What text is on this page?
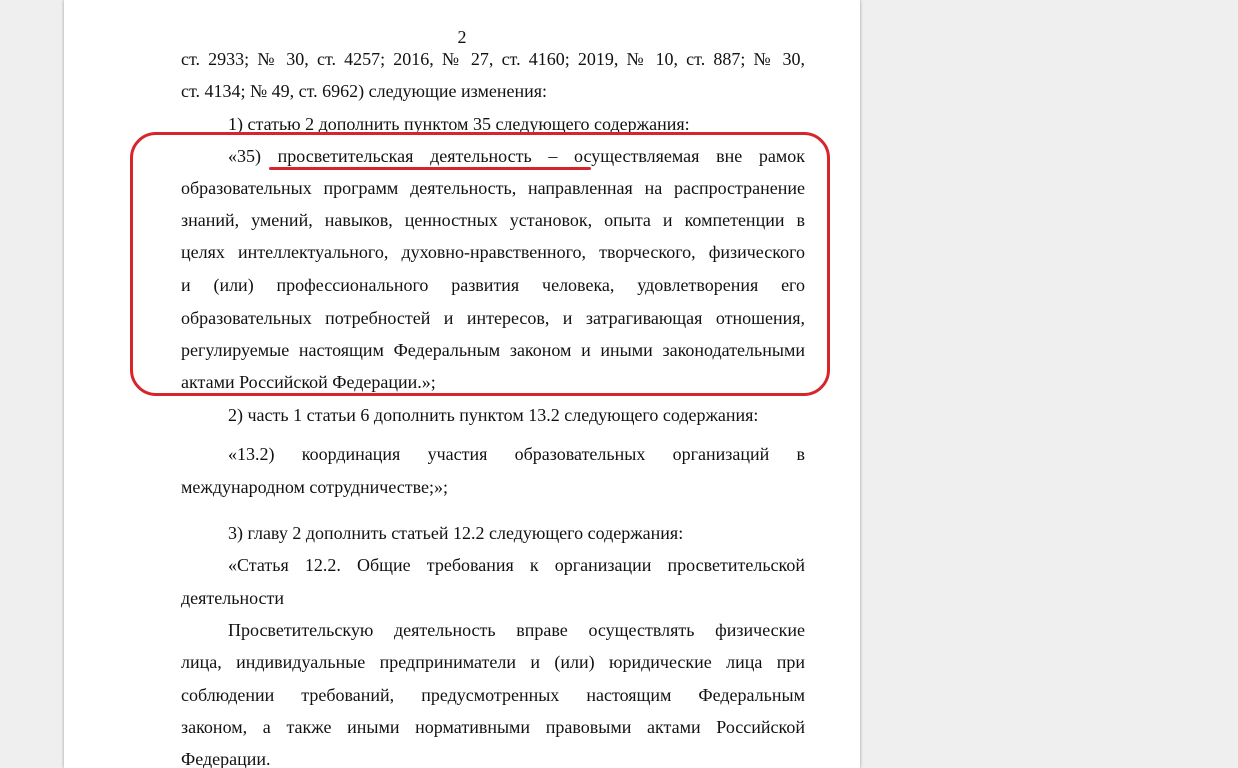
2
ст. 2933; № 30, ст. 4257; 2016, № 27, ст. 4160; 2019, № 10, ст. 887; № 30,
ст. 4134; № 49, ст. 6962) следующие изменения:
1) статью 2 дополнить пунктом 35 следующего содержания:
«35) просветительская деятельность – осуществляемая вне рамок
образовательных программ деятельность, направленная на распространение
знаний, умений, навыков, ценностных установок, опыта и компетенции в
целях интеллектуального, духовно-нравственного, творческого, физического
и (или) профессионального развития человека, удовлетворения его
образовательных потребностей и интересов, и затрагивающая отношения,
регулируемые настоящим Федеральным законом и иными законодательными
актами Российской Федерации.»;
2) часть 1 статьи 6 дополнить пунктом 13.2 следующего содержания:
«13.2) координация участия образовательных организаций в
международном сотрудничестве;»;
3) главу 2 дополнить статьей 12.2 следующего содержания:
«Статья 12.2. Общие требования к организации просветительской
деятельности
Просветительскую деятельность вправе осуществлять физические
лица, индивидуальные предприниматели и (или) юридические лица при
соблюдении требований, предусмотренных настоящим Федеральным
законом, а также иными нормативными правовыми актами Российской
Федерации.
